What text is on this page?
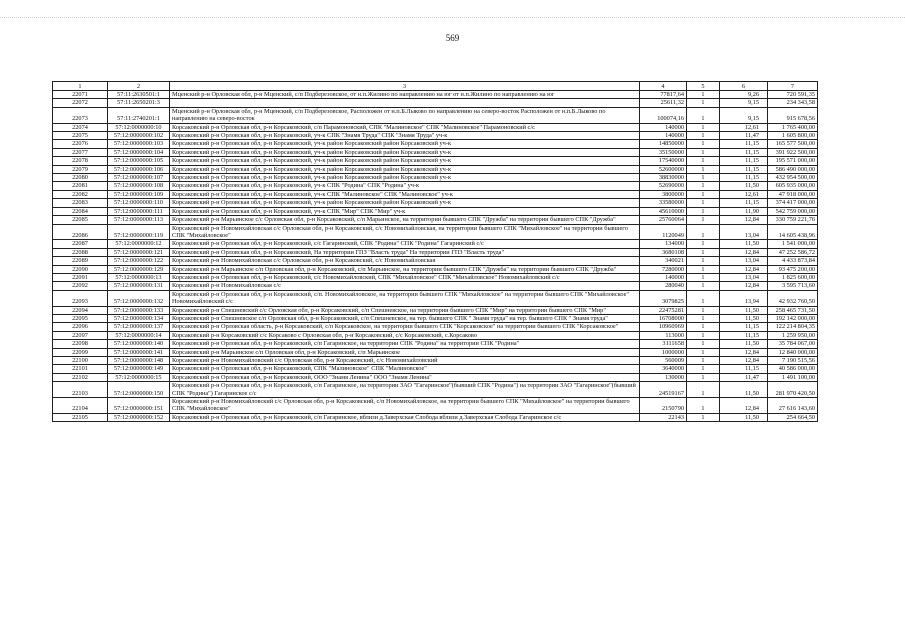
569
1	2	3	4	5	6	7
22071	57:11:2630501:1	Мценский р-н Орловская обл, р-н Мценский, с/п Подберезовское, от н.п.Жилино по направлению на юг от н.п.Жилино по направлению на юг	77817,64	1	9,26	720 591,35
22072	57:11:2650201:3		25611,32	1	9,15	234 343,58
22073	57:11:2740201:1	Мценский р-н Орловская обл, р-н Мценский, с/п Подберезовское, Расположен от н.п.Б.Лыково по направлению на северо-восток Расположен от н.п.Б.Лыково по направлению на северо-восток	100074,16	1	9,15	915 678,56
22074	57:12:0000000:10	Корсаковский р-н Орловская обл, р-н Корсаковский, с/п Парамоновский, СПК "Малиновское" СПК "Малиновское" Парамоновский с/с	140000	1	12,61	1 765 400,00
22075	57:12:0000000:102	Корсаковский р-н Орловская обл, р-н Корсаковский, уч-к СПК "Знамя Труда" СПК "Знамя Труда" уч-к	140000	1	11,47	1 605 800,00
22076	57:12:0000000:103	Корсаковский р-н Орловская обл, р-н Корсаковский, уч-к район Корсаковский район Корсаковский уч-к	14850000	1	11,15	165 577 500,00
22077	57:12:0000000:104	Корсаковский р-н Орловская обл, р-н Корсаковский, уч-к район Корсаковский район Корсаковский уч-к	35150000	1	11,15	391 922 500,00
22078	57:12:0000000:105	Корсаковский р-н Орловская обл, р-н Корсаковский, уч-к район Корсаковский район Корсаковский уч-к	17540000	1	11,15	195 571 000,00
22079	57:12:0000000:106	Корсаковский р-н Орловская обл, р-н Корсаковский, уч-к район Корсаковский район Корсаковский уч-к	52600000	1	11,15	586 490 000,00
22080	57:12:0000000:107	Корсаковский р-н Орловская обл, р-н Корсаковский, уч-к район Корсаковский район Корсаковский уч-к	38830000	1	11,15	432 954 500,00
22081	57:12:0000000:108	Корсаковский р-н Орловская обл, р-н Корсаковский, уч-к СПК "Родина" СПК "Родина" уч-к	52690000	1	11,50	605 935 000,00
22082	57:12:0000000:109	Корсаковский р-н Орловская обл, р-н Корсаковский, уч-к СПК "Малиновское" СПК "Малиновское" уч-к	3800000	1	12,61	47 918 000,00
22083	57:12:0000000:110	Корсаковский р-н Орловская обл, р-н Корсаковский, уч-к район Корсаковский район Корсаковский уч-к	33580000	1	11,15	374 417 000,00
22084	57:12:0000000:111	Корсаковский р-н Орловская обл, р-н Корсаковский, уч-к СПК "Мир" СПК "Мир" уч-к	45610000	1	11,90	542 759 000,00
22085	57:12:0000000:113	Корсаковский р-н Марьинское с/с Орловская обл, р-н Корсаковский, с/п Марьинское, на территории бывшего СПК "Дружба" на территории бывшего СПК "Дружба"	25760064	1	12,84	330 759 221,76
22086	57:12:0000000:119	Корсаковский р-н Новомихайловская с/с Орловская обл, р-н Корсаковский, с/с Новомихайловская, на территории бывшего СПК "Михайловское" на территории бывшего СПК "Михайловское"	1120049	1	13,04	14 605 438,96
22087	57:12:0000000:12	Корсаковский р-н Орловская обл, р-н Корсаковский, с/с Гагаринский, СПК "Родина" СПК "Родина" Гагаринский с/с	134000	1	11,50	1 541 000,00
22088	57:12:0000000:121	Корсаковский р-н Орловская обл, р-н Корсаковский, На территории ГПЗ "Власть труда" На территории ГПЗ "Власть труда"	3680108	1	12,84	47 252 586,72
22089	57:12:0000000:122	Корсаковский р-н Новомихайловская с/с Орловская обл, р-н Корсаковский, с/с Новомихайловская	340021	1	13,04	4 433 873,84
22090	57:12:0000000:129	Корсаковский р-н Марьинское с/п Орловская обл, р-н Корсаковский, с/п Марьинское, на территории бывшего СПК "Дружба" на территории бывшего СПК "Дружба"	7280000	1	12,84	93 475 200,00
22091	57:12:0000000:13	Корсаковский р-н Орловская обл, р-н Корсаковский, с/с Новомихайловский, СПК "Михайловское" СПК "Михайловское" Новомихайловский с/с	140000	1	13,04	1 825 600,00
22092	57:12:0000000:131	Корсаковский р-н Новомихайловская с/с	280040	1	12,84	3 595 713,60
22093	57:12:0000000:132	Корсаковский р-н Орловская обл, р-н Корсаковский, с/п. Новомихайловское, на территории бывшего СПК "Михайловское" на территории бывшего СПК "Михайловское" Новомихайловский с/с	3079825	1	13,94	42 932 760,50
22094	57:12:0000000:133	Корсаковский р-н Спешневский с/с Орловская обл, р-н Корсаковский, с/п Спешневское, на территории бывшего СПК "Мир" на территории бывшего СПК "Мир"	22475281	1	11,50	258 465 731,50
22095	57:12:0000000:134	Корсаковский р-н Спешневское с/п Орловская обл, р-н Корсаковский, с/п Спешневское, на тер. бывшего СПК " Знамя труда" на тер. бывшего СПК " Знамя труда"	16708000	1	11,50	192 142 000,00
22096	57:12:0000000:137	Корсаковский р-н Орловская область, р-н Корсаковский, с/п Корсаковское, на территории бывшего СПК "Корсаковское" на территории бывшего СПК "Корсаковское"	10960969	1	11,15	122 214 804,35
22097	57:12:0000000:14	Корсаковский р-н Корсаковский с/с Корсаково с Орловская обл, р-н Корсаковский, с/с Корсаковский, с.Корсаково	113000	1	11,15	1 259 950,00
22098	57:12:0000000:140	Корсаковский р-н Орловская обл, р-н Корсаковский, с/п Гагаринское, на территории СПК "Родина" на территории СПК "Родина"	3111658	1	11,50	35 784 067,00
22099	57:12:0000000:141	Корсаковский р-н Марьинское с/п Орловская обл, р-н Корсаковский, с/п Марьинское	1000000	1	12,84	12 840 000,00
22100	57:12:0000000:148	Корсаковский р-н Новомихайловский с/с Орловская обл, р-н Корсаковский, с/с Новомихайловский	560009	1	12,84	7 190 515,56
22101	57:12:0000000:149	Корсаковский р-н Орловская обл, р-н Корсаковский, СПК "Малиновское" СПК "Малиновское"	3640000	1	11,15	40 586 000,00
22102	57:12:0000000:15	Корсаковский р-н Орловская обл, р-н Корсаковский, ООО "Знамя Ленина" ООО "Знамя Ленина"	130000	1	11,47	1 491 100,00
22103	57:12:0000000:150	Корсаковский р-н Орловская обл, р-н Корсаковский, с/п Гагаринское, на территории ЗАО "Гагаринское"(бывший СПК "Родина") на территории ЗАО "Гагаринское"(бывший СПК "Родина") Гагаринское с/с	24519167	1	11,50	281 970 420,50
22104	57:12:0000000:151	Корсаковский р-н Новомихайловский с/с Орловская обл, р-н Корсаковский, с/п Новомихайловское, на территории бывшего СПК "Михайловское" на территории бывшего СПК "Михайловское"	2150790	1	12,84	27 616 143,60
22105	57:12:0000000:152	Корсаковский р-н Орловская обл, р-н Корсаковский, с/п Гагаринское, вблизи д.Заверхская Слобода вблизи д.Заверхская Слобода Гагаринское с/с	22143	1	11,50	254 664,50
